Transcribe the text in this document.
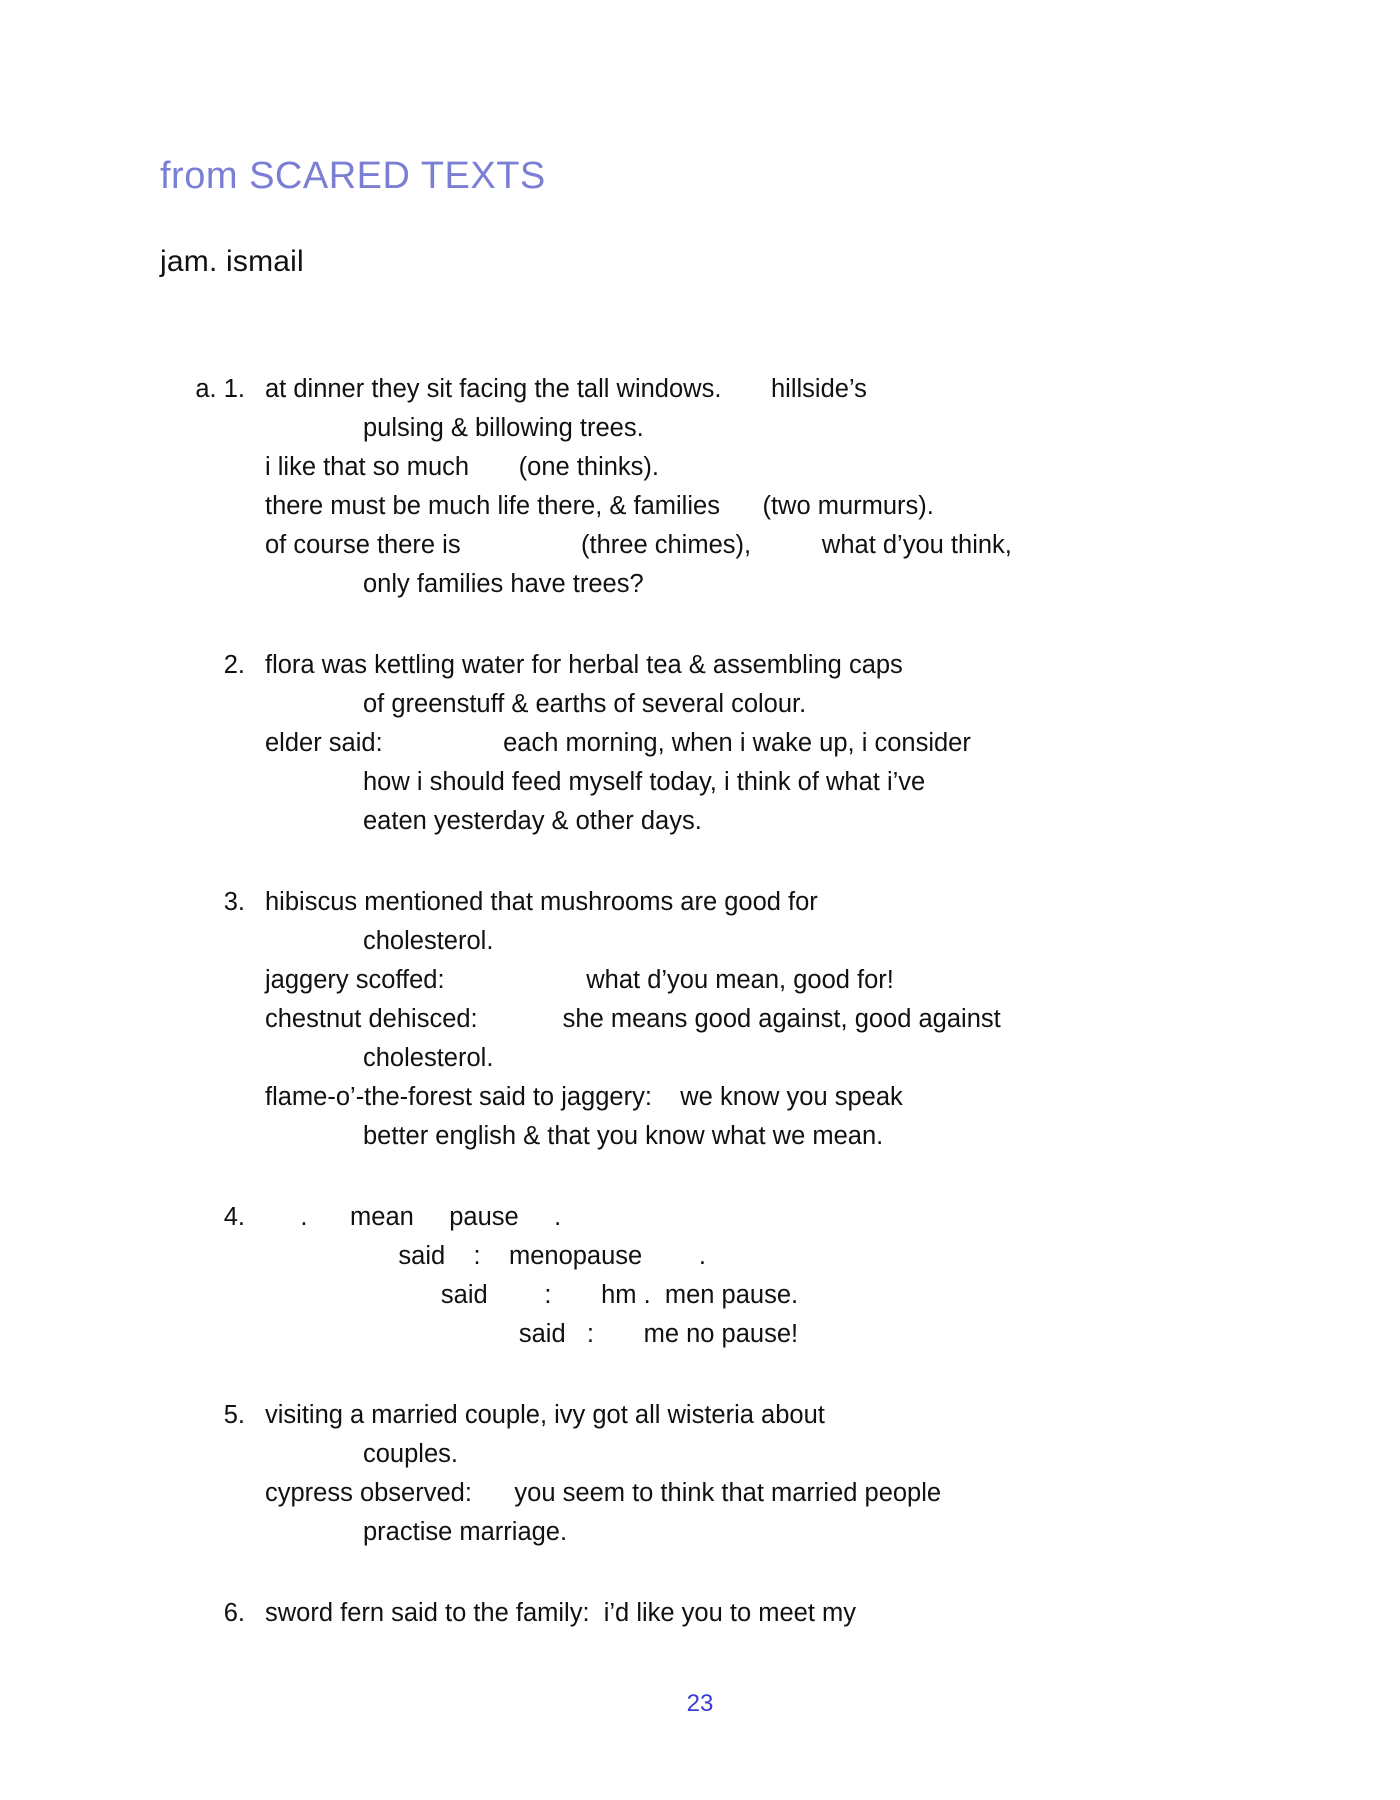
from SCARED TEXTS
jam. ismail
a. 1. at dinner they sit facing the tall windows.       hillside’s
pulsing & billowing trees.
i like that so much       (one thinks).
there must be much life there, & families      (two murmurs).
of course there is                 (three chimes),          what d’you think,
only families have trees?
2. flora was kettling water for herbal tea & assembling caps
of greenstuff & earths of several colour.
elder said:                 each morning, when i wake up, i consider
how i should feed myself today, i think of what i’ve
eaten yesterday & other days.
3. hibiscus mentioned that mushrooms are good for
cholesterol.
jaggery scoffed:                    what d’you mean, good for!
chestnut dehisced:            she means good against, good against
cholesterol.
flame-o’-the-forest said to jaggery:    we know you speak
better english & that you know what we mean.
4. .      mean     pause     .
said    :    menopause        .
said        :       hm .  men pause.
said   :       me no pause!
5. visiting a married couple, ivy got all wisteria about
couples.
cypress observed:      you seem to think that married people
practise marriage.
6. sword fern said to the family:  i’d like you to meet my
23
